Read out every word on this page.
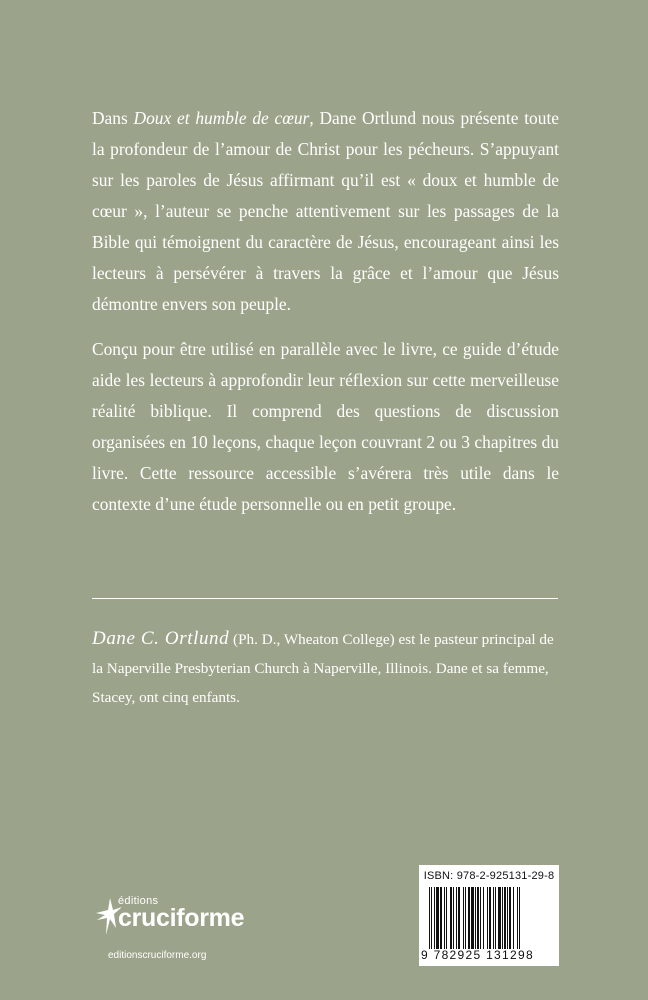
Dans Doux et humble de cœur, Dane Ortlund nous présente toute la profondeur de l’amour de Christ pour les pécheurs. S’appuyant sur les paroles de Jésus affirmant qu’il est « doux et humble de cœur », l’auteur se penche attentivement sur les passages de la Bible qui témoignent du caractère de Jésus, encourageant ainsi les lecteurs à persévérer à travers la grâce et l’amour que Jésus démontre envers son peuple.

Conçu pour être utilisé en parallèle avec le livre, ce guide d’étude aide les lecteurs à approfondir leur réflexion sur cette merveilleuse réalité biblique. Il comprend des questions de discussion organisées en 10 leçons, chaque leçon couvrant 2 ou 3 chapitres du livre. Cette ressource accessible s’avérera très utile dans le contexte d’une étude personnelle ou en petit groupe.

Dane C. Ortlund (Ph. D., Wheaton College) est le pasteur principal de la Naperville Presbyterian Church à Naperville, Illinois. Dane et sa femme, Stacey, ont cinq enfants.
éditions
cruciforme
editionscruciforme.org
ISBN: 978-2-925131-29-8
9 782925 131298
